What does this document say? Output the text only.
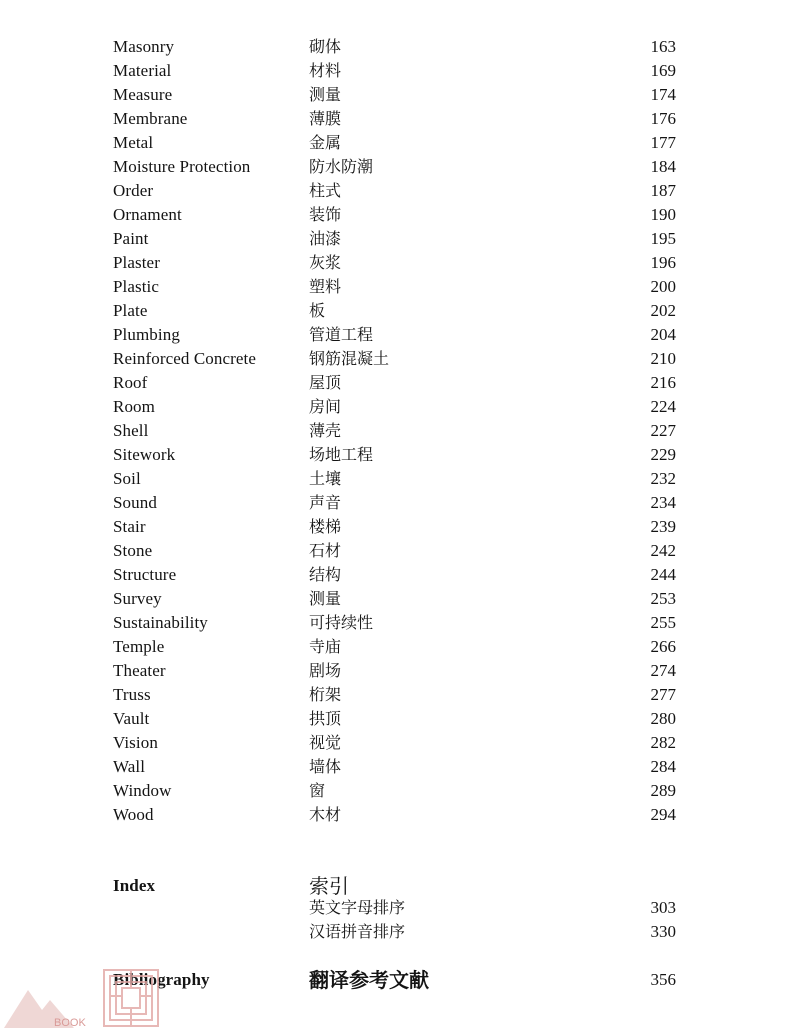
Masonry	砌体	163
Material	材料	169
Measure	测量	174
Membrane	薄膜	176
Metal	金属	177
Moisture Protection	防水防潮	184
Order	柱式	187
Ornament	装饰	190
Paint	油漆	195
Plaster	灰浆	196
Plastic	塑料	200
Plate	板	202
Plumbing	管道工程	204
Reinforced Concrete	钢筋混凝土	210
Roof	屋顶	216
Room	房间	224
Shell	薄壳	227
Sitework	场地工程	229
Soil	土壤	232
Sound	声音	234
Stair	楼梯	239
Stone	石材	242
Structure	结构	244
Survey	测量	253
Sustainability	可持续性	255
Temple	寺庙	266
Theater	剧场	274
Truss	桁架	277
Vault	拱顶	280
Vision	视觉	282
Wall	墙体	284
Window	窗	289
Wood	木材	294
Index	索引
英文字母排序	303
汉语拼音排序	330
Bibliography	翻译参考文献	356
BOOK
